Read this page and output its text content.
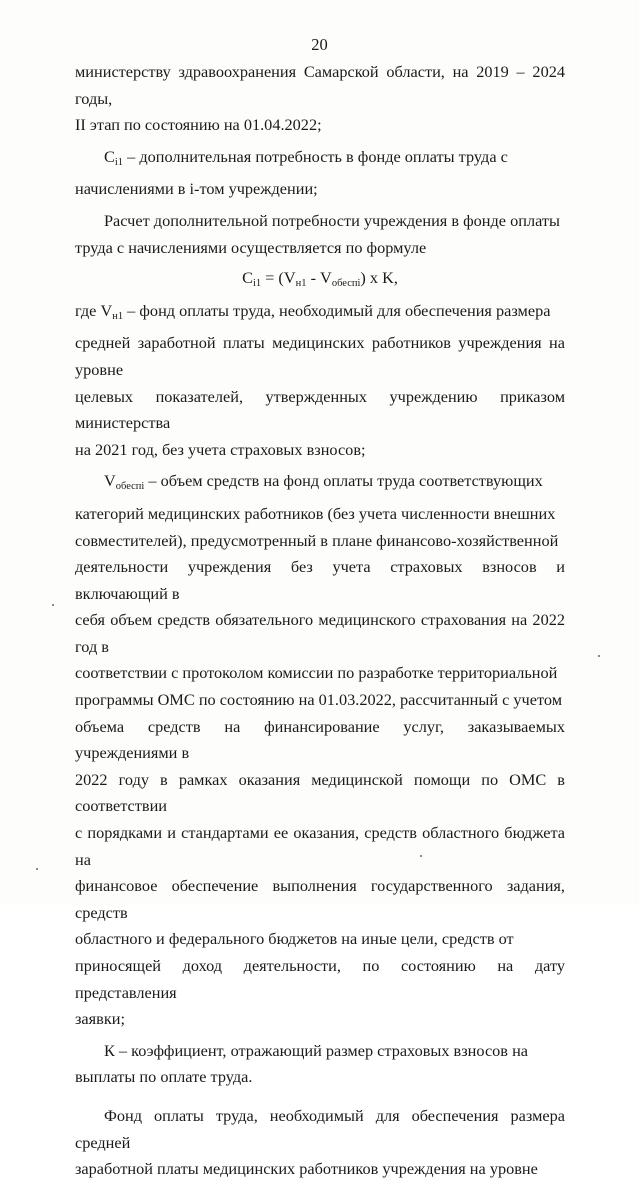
20

министерству здравоохранения Самарской области, на 2019 – 2024 годы,
II этап по состоянию на 01.04.2022;

$C_{i1}$ – дополнительная потребность в фонде оплаты труда с
начислениями в i-том учреждении;

Расчет дополнительной потребности учреждения в фонде оплаты
труда с начислениями осуществляется по формуле

$C_{i1} = (V_{н1} - V_{обеспі})$ x K,

где $V_{н1}$ – фонд оплаты труда, необходимый для обеспечения размера
средней заработной платы медицинских работников учреждения на уровне
целевых показателей, утвержденных учреждению приказом министерства
на 2021 год, без учета страховых взносов;

$V_{обеспі}$ – объем средств на фонд оплаты труда соответствующих
категорий медицинских работников (без учета численности внешних
совместителей), предусмотренный в плане финансово-хозяйственной
деятельности учреждения без учета страховых взносов и включающий в
себя объем средств обязательного медицинского страхования на 2022 год в
соответствии с протоколом комиссии по разработке территориальной
программы ОМС по состоянию на 01.03.2022, рассчитанный с учетом
объема средств на финансирование услуг, заказываемых учреждениями в
2022 году в рамках оказания медицинской помощи по ОМС в соответствии
с порядками и стандартами ее оказания, средств областного бюджета на
финансовое обеспечение выполнения государственного задания, средств
областного и федерального бюджетов на иные цели, средств от
приносящей доход деятельности, по состоянию на дату представления
заявки;

К – коэффициент, отражающий размер страховых взносов на
выплаты по оплате труда.

Фонд оплаты труда, необходимый для обеспечения размера средней
заработной платы медицинских работников учреждения на уровне
